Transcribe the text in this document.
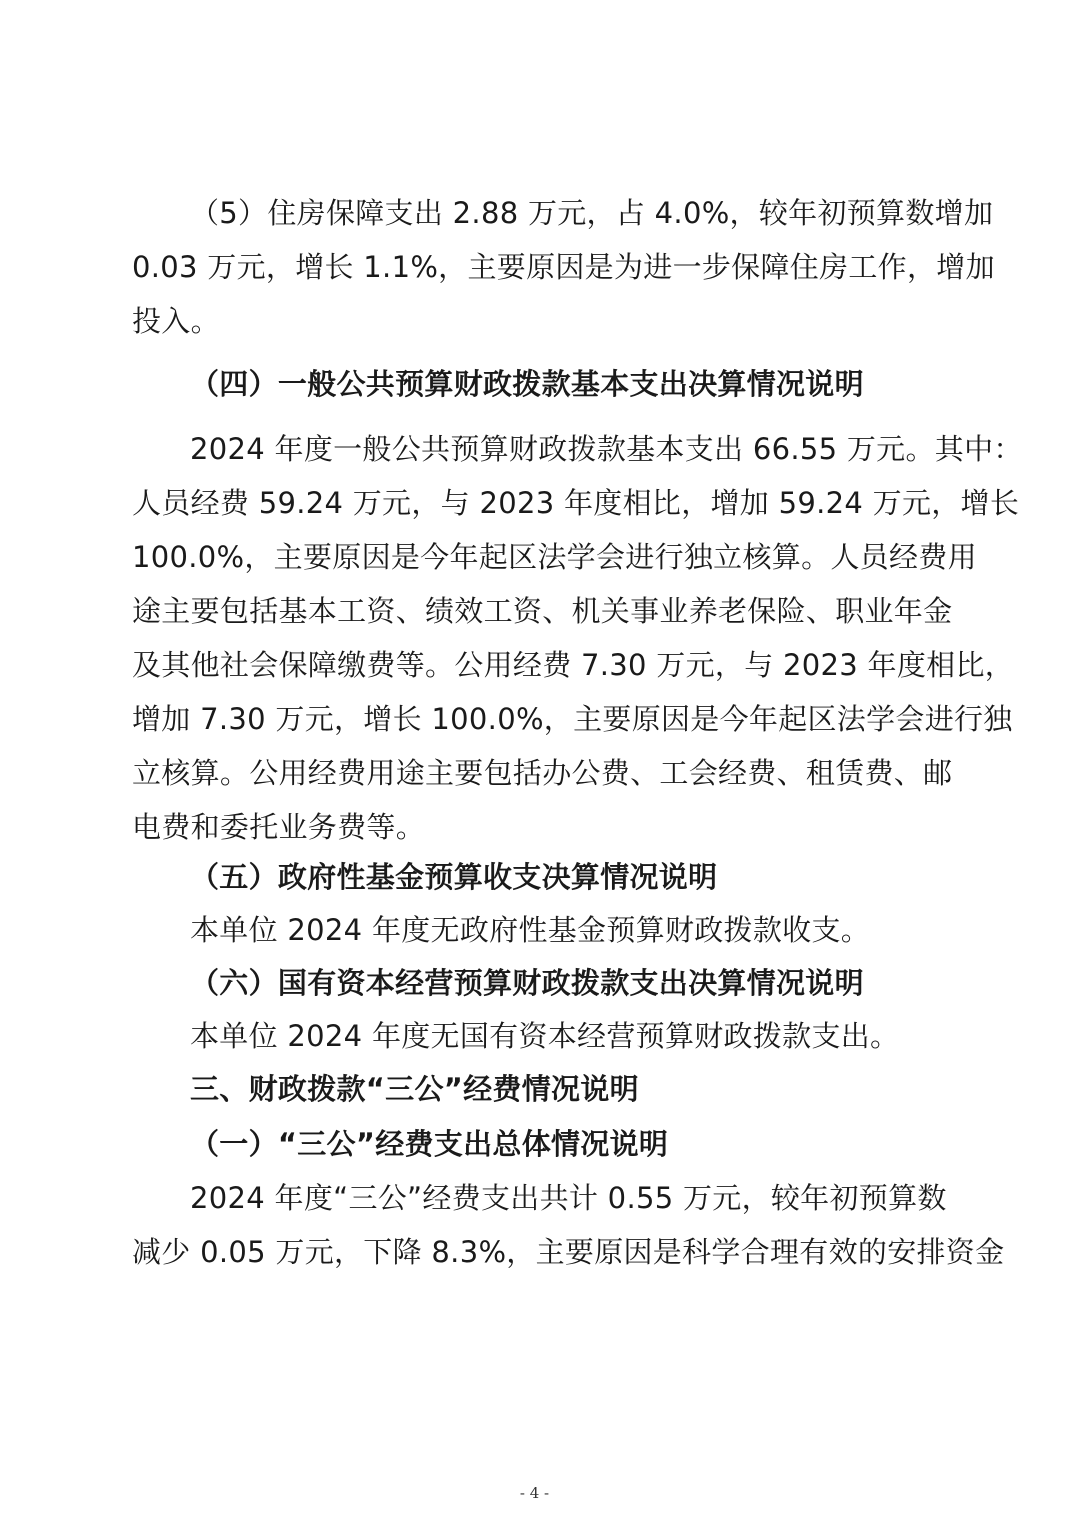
（5）住房保障支出 2.88 万元，占 4.0%，较年初预算数增加
0.03 万元，增长 1.1%，主要原因是为进一步保障住房工作，增加
投入。
（四）一般公共预算财政拨款基本支出决算情况说明
2024 年度一般公共预算财政拨款基本支出 66.55 万元。其中：
人员经费 59.24 万元，与 2023 年度相比，增加 59.24 万元，增长
100.0%，主要原因是今年起区法学会进行独立核算。人员经费用
途主要包括基本工资、绩效工资、机关事业养老保险、职业年金
及其他社会保障缴费等。公用经费 7.30 万元，与 2023 年度相比，
增加 7.30 万元，增长 100.0%，主要原因是今年起区法学会进行独
立核算。公用经费用途主要包括办公费、工会经费、租赁费、邮
电费和委托业务费等。
（五）政府性基金预算收支决算情况说明
本单位 2024 年度无政府性基金预算财政拨款收支。
（六）国有资本经营预算财政拨款支出决算情况说明
本单位 2024 年度无国有资本经营预算财政拨款支出。
三、财政拨款“三公”经费情况说明
（一）“三公”经费支出总体情况说明
2024 年度“三公”经费支出共计 0.55 万元，较年初预算数
减少 0.05 万元，下降 8.3%，主要原因是科学合理有效的安排资金
- 4 -
